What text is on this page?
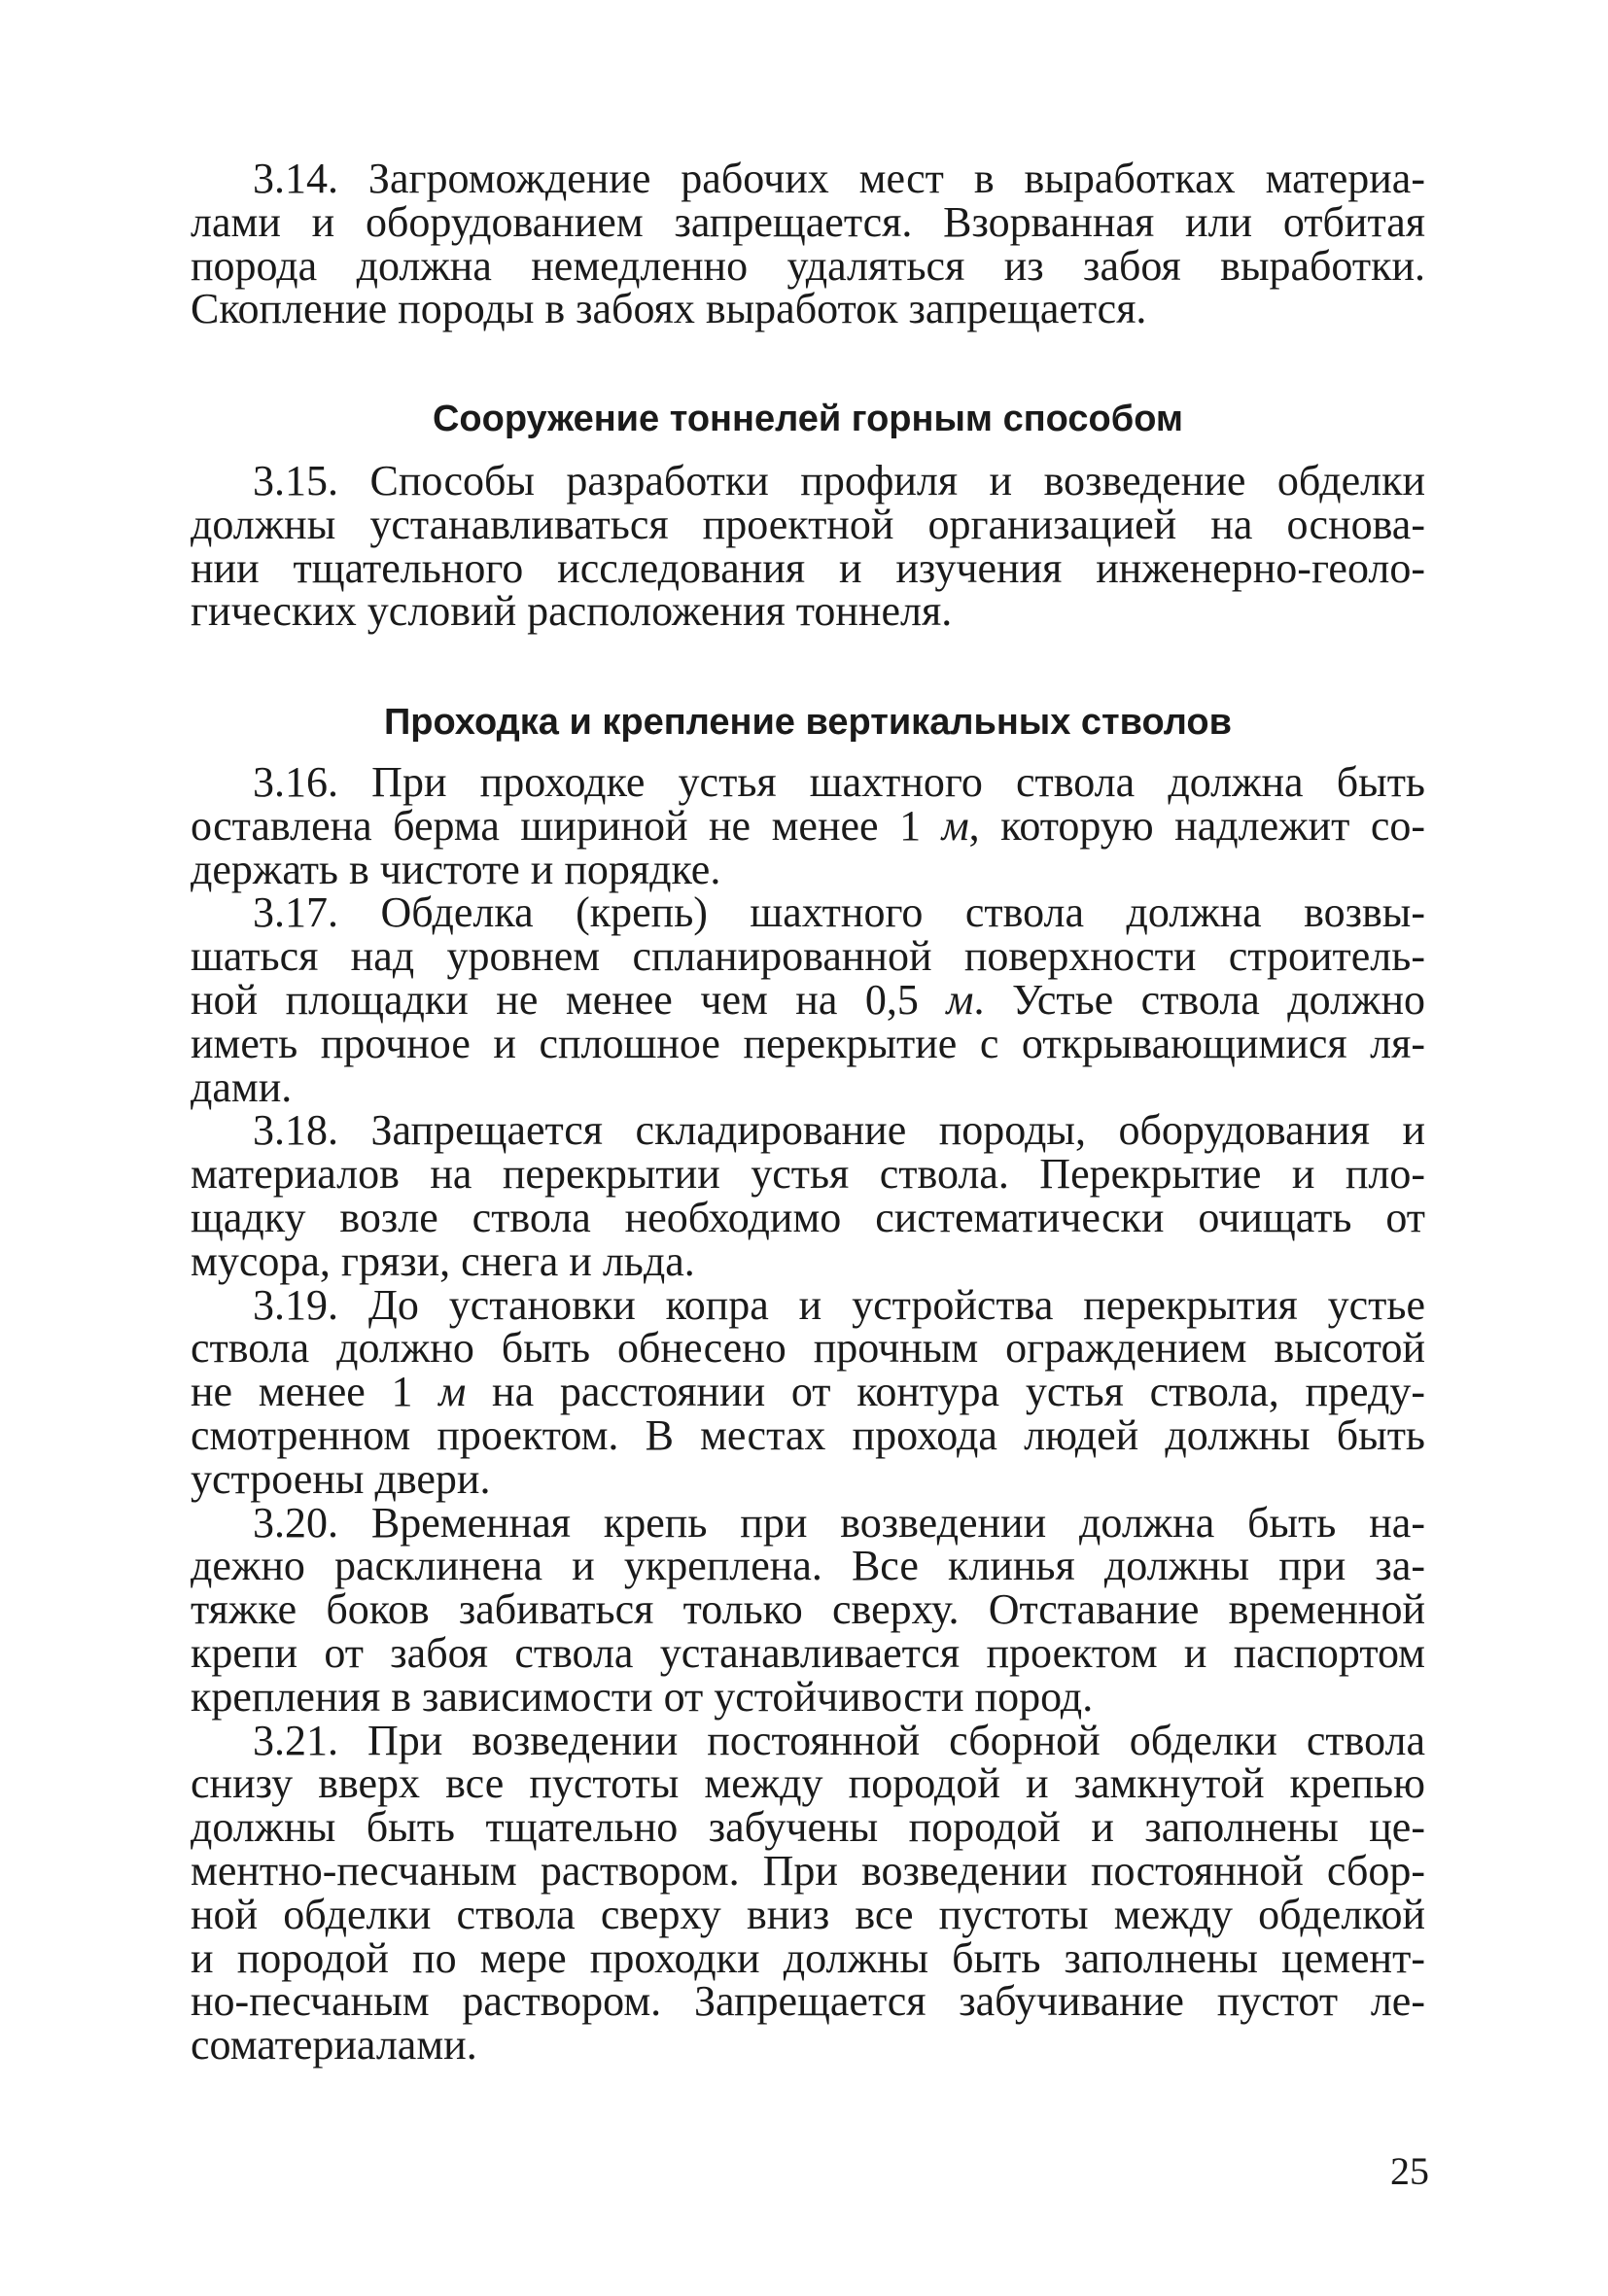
3.14. Загромождение рабочих мест в выработках материа-
лами и оборудованием запрещается. Взорванная или отбитая
порода должна немедленно удаляться из забоя выработки.
Скопление породы в забоях выработок запрещается.
Сооружение тоннелей горным способом
3.15. Способы разработки профиля и возведение обделки
должны устанавливаться проектной организацией на основа-
нии тщательного исследования и изучения инженерно-геоло-
гических условий расположения тоннеля.
Проходка и крепление вертикальных стволов
3.16. При проходке устья шахтного ствола должна быть
оставлена берма шириной не менее 1 м, которую надлежит со-
держать в чистоте и порядке.
3.17. Обделка (крепь) шахтного ствола должна возвы-
шаться над уровнем спланированной поверхности строитель-
ной площадки не менее чем на 0,5 м. Устье ствола должно
иметь прочное и сплошное перекрытие с открывающимися ля-
дами.
3.18. Запрещается складирование породы, оборудования и
материалов на перекрытии устья ствола. Перекрытие и пло-
щадку возле ствола необходимо систематически очищать от
мусора, грязи, снега и льда.
3.19. До установки копра и устройства перекрытия устье
ствола должно быть обнесено прочным ограждением высотой
не менее 1 м на расстоянии от контура устья ствола, преду-
смотренном проектом. В местах прохода людей должны быть
устроены двери.
3.20. Временная крепь при возведении должна быть на-
дежно расклинена и укреплена. Все клинья должны при за-
тяжке боков забиваться только сверху. Отставание временной
крепи от забоя ствола устанавливается проектом и паспортом
крепления в зависимости от устойчивости пород.
3.21. При возведении постоянной сборной обделки ствола
снизу вверх все пустоты между породой и замкнутой крепью
должны быть тщательно забучены породой и заполнены це-
ментно-песчаным раствором. При возведении постоянной сбор-
ной обделки ствола сверху вниз все пустоты между обделкой
и породой по мере проходки должны быть заполнены цемент-
но-песчаным раствором. Запрещается забучивание пустот ле-
соматериалами.
25
